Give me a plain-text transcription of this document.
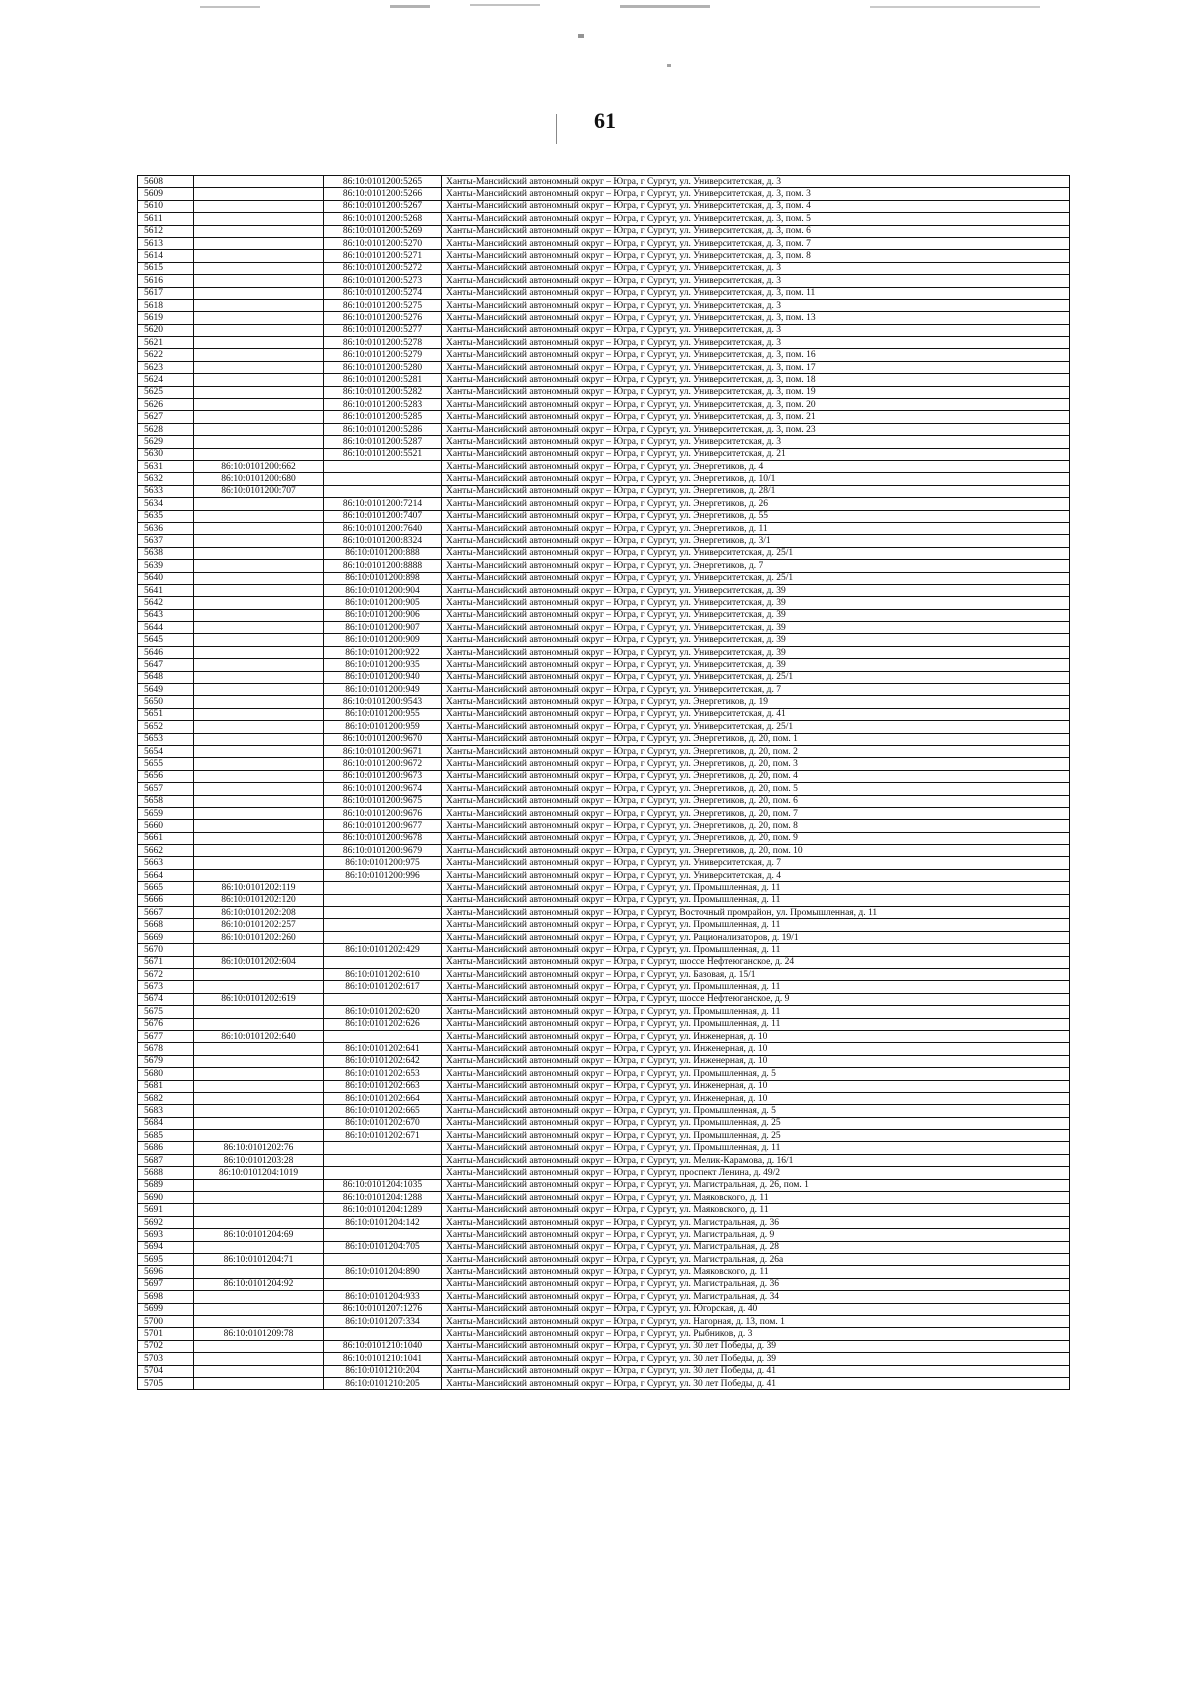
61
5608		86:10:0101200:5265	Ханты-Мансийский автономный округ – Югра, г Сургут, ул. Университетская, д. 3
5609		86:10:0101200:5266	Ханты-Мансийский автономный округ – Югра, г Сургут, ул. Университетская, д. 3, пом. 3
5610		86:10:0101200:5267	Ханты-Мансийский автономный округ – Югра, г Сургут, ул. Университетская, д. 3, пом. 4
5611		86:10:0101200:5268	Ханты-Мансийский автономный округ – Югра, г Сургут, ул. Университетская, д. 3, пом. 5
5612		86:10:0101200:5269	Ханты-Мансийский автономный округ – Югра, г Сургут, ул. Университетская, д. 3, пом. 6
5613		86:10:0101200:5270	Ханты-Мансийский автономный округ – Югра, г Сургут, ул. Университетская, д. 3, пом. 7
5614		86:10:0101200:5271	Ханты-Мансийский автономный округ – Югра, г Сургут, ул. Университетская, д. 3, пом. 8
5615		86:10:0101200:5272	Ханты-Мансийский автономный округ – Югра, г Сургут, ул. Университетская, д. 3
5616		86:10:0101200:5273	Ханты-Мансийский автономный округ – Югра, г Сургут, ул. Университетская, д. 3
5617		86:10:0101200:5274	Ханты-Мансийский автономный округ – Югра, г Сургут, ул. Университетская, д. 3, пом. 11
5618		86:10:0101200:5275	Ханты-Мансийский автономный округ – Югра, г Сургут, ул. Университетская, д. 3
5619		86:10:0101200:5276	Ханты-Мансийский автономный округ – Югра, г Сургут, ул. Университетская, д. 3, пом. 13
5620		86:10:0101200:5277	Ханты-Мансийский автономный округ – Югра, г Сургут, ул. Университетская, д. 3
5621		86:10:0101200:5278	Ханты-Мансийский автономный округ – Югра, г Сургут, ул. Университетская, д. 3
5622		86:10:0101200:5279	Ханты-Мансийский автономный округ – Югра, г Сургут, ул. Университетская, д. 3, пом. 16
5623		86:10:0101200:5280	Ханты-Мансийский автономный округ – Югра, г Сургут, ул. Университетская, д. 3, пом. 17
5624		86:10:0101200:5281	Ханты-Мансийский автономный округ – Югра, г Сургут, ул. Университетская, д. 3, пом. 18
5625		86:10:0101200:5282	Ханты-Мансийский автономный округ – Югра, г Сургут, ул. Университетская, д. 3, пом. 19
5626		86:10:0101200:5283	Ханты-Мансийский автономный округ – Югра, г Сургут, ул. Университетская, д. 3, пом. 20
5627		86:10:0101200:5285	Ханты-Мансийский автономный округ – Югра, г Сургут, ул. Университетская, д. 3, пом. 21
5628		86:10:0101200:5286	Ханты-Мансийский автономный округ – Югра, г Сургут, ул. Университетская, д. 3, пом. 23
5629		86:10:0101200:5287	Ханты-Мансийский автономный округ – Югра, г Сургут, ул. Университетская, д. 3
5630		86:10:0101200:5521	Ханты-Мансийский автономный округ – Югра, г Сургут, ул. Университетская, д. 21
5631	86:10:0101200:662		Ханты-Мансийский автономный округ – Югра, г Сургут, ул. Энергетиков, д. 4
5632	86:10:0101200:680		Ханты-Мансийский автономный округ – Югра, г Сургут, ул. Энергетиков, д. 10/1
5633	86:10:0101200:707		Ханты-Мансийский автономный округ – Югра, г Сургут, ул. Энергетиков, д. 28/1
5634		86:10:0101200:7214	Ханты-Мансийский автономный округ – Югра, г Сургут, ул. Энергетиков, д. 26
5635		86:10:0101200:7407	Ханты-Мансийский автономный округ – Югра, г Сургут, ул. Энергетиков, д. 55
5636		86:10:0101200:7640	Ханты-Мансийский автономный округ – Югра, г Сургут, ул. Энергетиков, д. 11
5637		86:10:0101200:8324	Ханты-Мансийский автономный округ – Югра, г Сургут, ул. Энергетиков, д. 3/1
5638		86:10:0101200:888	Ханты-Мансийский автономный округ – Югра, г Сургут, ул. Университетская, д. 25/1
5639		86:10:0101200:8888	Ханты-Мансийский автономный округ – Югра, г Сургут, ул. Энергетиков, д. 7
5640		86:10:0101200:898	Ханты-Мансийский автономный округ – Югра, г Сургут, ул. Университетская, д. 25/1
5641		86:10:0101200:904	Ханты-Мансийский автономный округ – Югра, г Сургут, ул. Университетская, д. 39
5642		86:10:0101200:905	Ханты-Мансийский автономный округ – Югра, г Сургут, ул. Университетская, д. 39
5643		86:10:0101200:906	Ханты-Мансийский автономный округ – Югра, г Сургут, ул. Университетская, д. 39
5644		86:10:0101200:907	Ханты-Мансийский автономный округ – Югра, г Сургут, ул. Университетская, д. 39
5645		86:10:0101200:909	Ханты-Мансийский автономный округ – Югра, г Сургут, ул. Университетская, д. 39
5646		86:10:0101200:922	Ханты-Мансийский автономный округ – Югра, г Сургут, ул. Университетская, д. 39
5647		86:10:0101200:935	Ханты-Мансийский автономный округ – Югра, г Сургут, ул. Университетская, д. 39
5648		86:10:0101200:940	Ханты-Мансийский автономный округ – Югра, г Сургут, ул. Университетская, д. 25/1
5649		86:10:0101200:949	Ханты-Мансийский автономный округ – Югра, г Сургут, ул. Университетская, д. 7
5650		86:10:0101200:9543	Ханты-Мансийский автономный округ – Югра, г Сургут, ул. Энергетиков, д. 19
5651		86:10:0101200:955	Ханты-Мансийский автономный округ – Югра, г Сургут, ул. Университетская, д. 41
5652		86:10:0101200:959	Ханты-Мансийский автономный округ – Югра, г Сургут, ул. Университетская, д. 25/1
5653		86:10:0101200:9670	Ханты-Мансийский автономный округ – Югра, г Сургут, ул. Энергетиков, д. 20, пом. 1
5654		86:10:0101200:9671	Ханты-Мансийский автономный округ – Югра, г Сургут, ул. Энергетиков, д. 20, пом. 2
5655		86:10:0101200:9672	Ханты-Мансийский автономный округ – Югра, г Сургут, ул. Энергетиков, д. 20, пом. 3
5656		86:10:0101200:9673	Ханты-Мансийский автономный округ – Югра, г Сургут, ул. Энергетиков, д. 20, пом. 4
5657		86:10:0101200:9674	Ханты-Мансийский автономный округ – Югра, г Сургут, ул. Энергетиков, д. 20, пом. 5
5658		86:10:0101200:9675	Ханты-Мансийский автономный округ – Югра, г Сургут, ул. Энергетиков, д. 20, пом. 6
5659		86:10:0101200:9676	Ханты-Мансийский автономный округ – Югра, г Сургут, ул. Энергетиков, д. 20, пом. 7
5660		86:10:0101200:9677	Ханты-Мансийский автономный округ – Югра, г Сургут, ул. Энергетиков, д. 20, пом. 8
5661		86:10:0101200:9678	Ханты-Мансийский автономный округ – Югра, г Сургут, ул. Энергетиков, д. 20, пом. 9
5662		86:10:0101200:9679	Ханты-Мансийский автономный округ – Югра, г Сургут, ул. Энергетиков, д. 20, пом. 10
5663		86:10:0101200:975	Ханты-Мансийский автономный округ – Югра, г Сургут, ул. Университетская, д. 7
5664		86:10:0101200:996	Ханты-Мансийский автономный округ – Югра, г Сургут, ул. Университетская, д. 4
5665	86:10:0101202:119		Ханты-Мансийский автономный округ – Югра, г Сургут, ул. Промышленная, д. 11
5666	86:10:0101202:120		Ханты-Мансийский автономный округ – Югра, г Сургут, ул. Промышленная, д. 11
5667	86:10:0101202:208		Ханты-Мансийский автономный округ – Югра, г Сургут, Восточный промрайон, ул. Промышленная, д. 11
5668	86:10:0101202:257		Ханты-Мансийский автономный округ – Югра, г Сургут, ул. Промышленная, д. 11
5669	86:10:0101202:260		Ханты-Мансийский автономный округ – Югра, г Сургут, ул. Рационализаторов, д. 19/1
5670		86:10:0101202:429	Ханты-Мансийский автономный округ – Югра, г Сургут, ул. Промышленная, д. 11
5671	86:10:0101202:604		Ханты-Мансийский автономный округ – Югра, г Сургут, шоссе Нефтеюганское, д. 24
5672		86:10:0101202:610	Ханты-Мансийский автономный округ – Югра, г Сургут, ул. Базовая, д. 15/1
5673		86:10:0101202:617	Ханты-Мансийский автономный округ – Югра, г Сургут, ул. Промышленная, д. 11
5674	86:10:0101202:619		Ханты-Мансийский автономный округ – Югра, г Сургут, шоссе Нефтеюганское, д. 9
5675		86:10:0101202:620	Ханты-Мансийский автономный округ – Югра, г Сургут, ул. Промышленная, д. 11
5676		86:10:0101202:626	Ханты-Мансийский автономный округ – Югра, г Сургут, ул. Промышленная, д. 11
5677	86:10:0101202:640		Ханты-Мансийский автономный округ – Югра, г Сургут, ул. Инженерная, д. 10
5678		86:10:0101202:641	Ханты-Мансийский автономный округ – Югра, г Сургут, ул. Инженерная, д. 10
5679		86:10:0101202:642	Ханты-Мансийский автономный округ – Югра, г Сургут, ул. Инженерная, д. 10
5680		86:10:0101202:653	Ханты-Мансийский автономный округ – Югра, г Сургут, ул. Промышленная, д. 5
5681		86:10:0101202:663	Ханты-Мансийский автономный округ – Югра, г Сургут, ул. Инженерная, д. 10
5682		86:10:0101202:664	Ханты-Мансийский автономный округ – Югра, г Сургут, ул. Инженерная, д. 10
5683		86:10:0101202:665	Ханты-Мансийский автономный округ – Югра, г Сургут, ул. Промышленная, д. 5
5684		86:10:0101202:670	Ханты-Мансийский автономный округ – Югра, г Сургут, ул. Промышленная, д. 25
5685		86:10:0101202:671	Ханты-Мансийский автономный округ – Югра, г Сургут, ул. Промышленная, д. 25
5686	86:10:0101202:76		Ханты-Мансийский автономный округ – Югра, г Сургут, ул. Промышленная, д. 11
5687	86:10:0101203:28		Ханты-Мансийский автономный округ – Югра, г Сургут, ул. Мелик-Карамова, д. 16/1
5688	86:10:0101204:1019		Ханты-Мансийский автономный округ – Югра, г Сургут, проспект Ленина, д. 49/2
5689		86:10:0101204:1035	Ханты-Мансийский автономный округ – Югра, г Сургут, ул. Магистральная, д. 26, пом. 1
5690		86:10:0101204:1288	Ханты-Мансийский автономный округ – Югра, г Сургут, ул. Маяковского, д. 11
5691		86:10:0101204:1289	Ханты-Мансийский автономный округ – Югра, г Сургут, ул. Маяковского, д. 11
5692		86:10:0101204:142	Ханты-Мансийский автономный округ – Югра, г Сургут, ул. Магистральная, д. 36
5693	86:10:0101204:69		Ханты-Мансийский автономный округ – Югра, г Сургут, ул. Магистральная, д. 9
5694		86:10:0101204:705	Ханты-Мансийский автономный округ – Югра, г Сургут, ул. Магистральная, д. 28
5695	86:10:0101204:71		Ханты-Мансийский автономный округ – Югра, г Сургут, ул. Магистральная, д. 26а
5696		86:10:0101204:890	Ханты-Мансийский автономный округ – Югра, г Сургут, ул. Маяковского, д. 11
5697	86:10:0101204:92		Ханты-Мансийский автономный округ – Югра, г Сургут, ул. Магистральная, д. 36
5698		86:10:0101204:933	Ханты-Мансийский автономный округ – Югра, г Сургут, ул. Магистральная, д. 34
5699		86:10:0101207:1276	Ханты-Мансийский автономный округ – Югра, г Сургут, ул. Югорская, д. 40
5700		86:10:0101207:334	Ханты-Мансийский автономный округ – Югра, г Сургут, ул. Нагорная, д. 13, пом. 1
5701	86:10:0101209:78		Ханты-Мансийский автономный округ – Югра, г Сургут, ул. Рыбников, д. 3
5702		86:10:0101210:1040	Ханты-Мансийский автономный округ – Югра, г Сургут, ул. 30 лет Победы, д. 39
5703		86:10:0101210:1041	Ханты-Мансийский автономный округ – Югра, г Сургут, ул. 30 лет Победы, д. 39
5704		86:10:0101210:204	Ханты-Мансийский автономный округ – Югра, г Сургут, ул. 30 лет Победы, д. 41
5705		86:10:0101210:205	Ханты-Мансийский автономный округ – Югра, г Сургут, ул. 30 лет Победы, д. 41
